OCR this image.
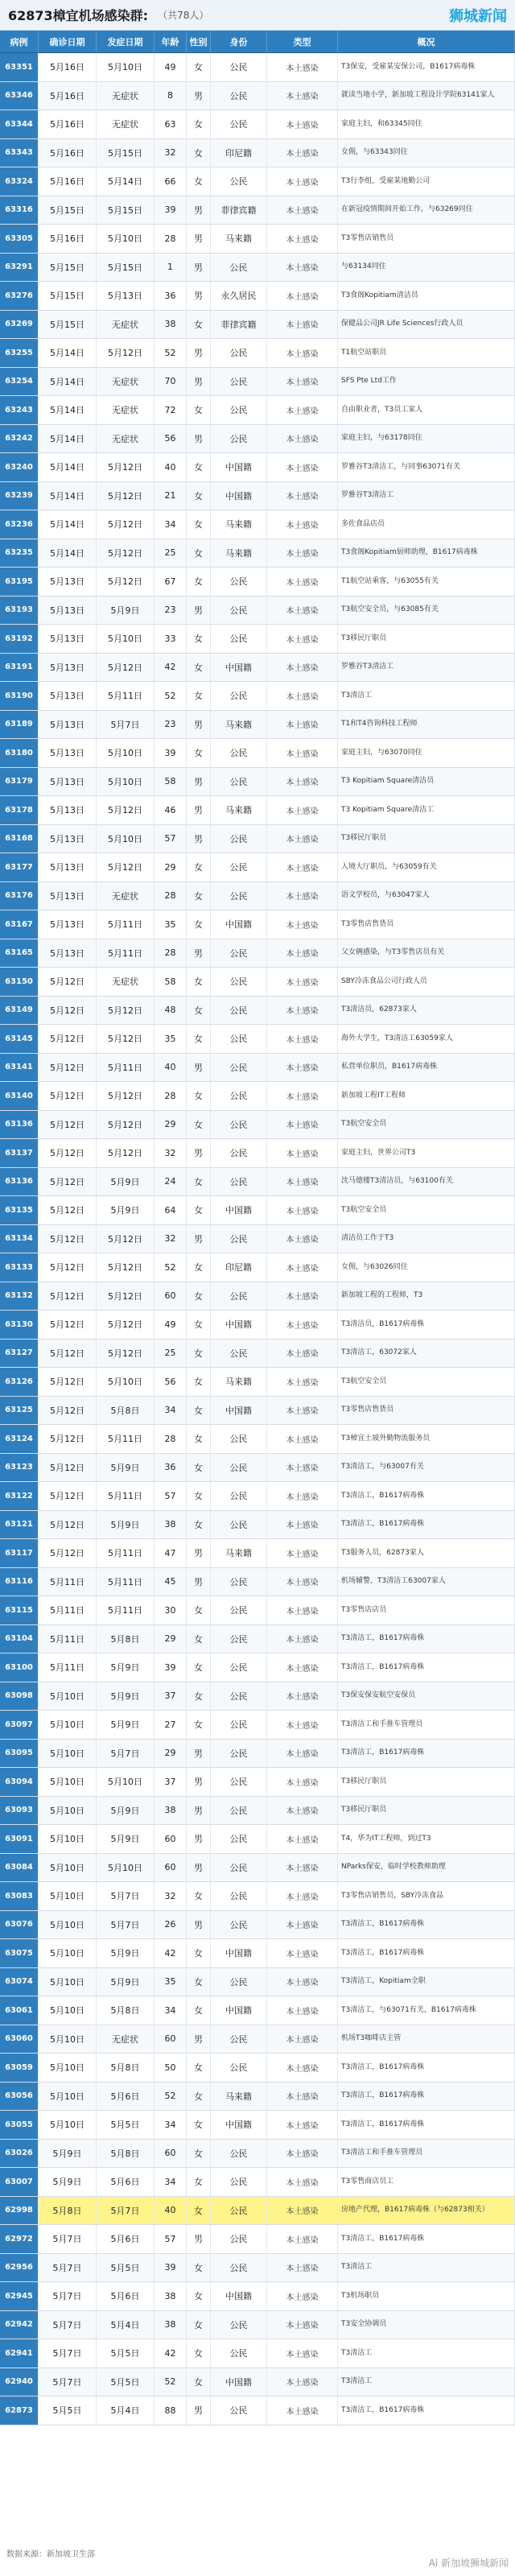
62873樟宜机场感染群: （共78人）	狮城新闻
病例	确诊日期	发症日期	年龄	性别	身份	类型	概况
63351	5月16日	5月10日	49	女	公民	本土感染	T3保安，受雇某安保公司，B1617病毒株
63346	5月16日	无症状	8	男	公民	本土感染	就读当地小学，新加坡工程设计学院63141家人
63344	5月16日	无症状	63	女	公民	本土感染	家庭主妇，和63345同住
63343	5月16日	5月15日	32	女	印尼籍	本土感染	女佣，与63343同住
63324	5月16日	5月14日	66	女	公民	本土感染	T3行李组，受雇某地勤公司
63316	5月15日	5月15日	39	男	菲律宾籍	本土感染	在新冠疫情期间开始工作，与63269同住
63305	5月16日	5月10日	28	男	马来籍	本土感染	T3零售店销售员
63291	5月15日	5月15日	1	男	公民	本土感染	与63134同住
63276	5月15日	5月13日	36	男	永久居民	本土感染	T3食阁Kopitiam清洁员
63269	5月15日	无症状	38	女	菲律宾籍	本土感染	保健品公司JR Life Sciences行政人员
63255	5月14日	5月12日	52	男	公民	本土感染	T1航空站职员
63254	5月14日	无症状	70	男	公民	本土感染	SFS Pte Ltd工作
63243	5月14日	无症状	72	女	公民	本土感染	自由职业者，T3员工家人
63242	5月14日	无症状	56	男	公民	本土感染	家庭主妇，与63178同住
63240	5月14日	5月12日	40	女	中国籍	本土感染	罗雅谷T3清洁工，与同事63071有关
63239	5月14日	5月12日	21	女	中国籍	本土感染	罗雅谷T3清洁工
63236	5月14日	5月12日	34	女	马来籍	本土感染	多佐食品店员
63235	5月14日	5月12日	25	女	马来籍	本土感染	T3食阁Kopitiam厨师助理，B1617病毒株
63195	5月13日	5月12日	67	女	公民	本土感染	T1航空站乘客，与63055有关
63193	5月13日	5月9日	23	男	公民	本土感染	T3航空安全员，与63085有关
63192	5月13日	5月10日	33	女	公民	本土感染	T3移民厅职员
63191	5月13日	5月12日	42	女	中国籍	本土感染	罗雅谷T3清洁工
63190	5月13日	5月11日	52	女	公民	本土感染	T3清洁工
63189	5月13日	5月7日	23	男	马来籍	本土感染	T1和T4咨询科技工程师
63180	5月13日	5月10日	39	女	公民	本土感染	家庭主妇，与63070同住
63179	5月13日	5月10日	58	男	公民	本土感染	T3 Kopitiam Square清洁员
63178	5月13日	5月12日	46	男	马来籍	本土感染	T3 Kopitiam Square清洁工
63168	5月13日	5月10日	57	男	公民	本土感染	T3移民厅职员
63177	5月13日	5月12日	29	女	公民	本土感染	入境大厅职员，与63059有关
63176	5月13日	无症状	28	女	公民	本土感染	语文学校员，与63047家人
63167	5月13日	5月11日	35	女	中国籍	本土感染	T3零售店售货员
63165	5月13日	5月11日	28	男	公民	本土感染	父女俩感染，与T3零售店员有关
63150	5月12日	无症状	58	女	公民	本土感染	SBY冷冻食品公司行政人员
63149	5月12日	5月12日	48	女	公民	本土感染	T3清洁员，62873家人
63145	5月12日	5月12日	35	女	公民	本土感染	海外大学生，T3清洁工63059家人
63141	5月12日	5月11日	40	男	公民	本土感染	私营单位职员，B1617病毒株
63140	5月12日	5月12日	28	女	公民	本土感染	新加坡工程IT工程师
63136	5月12日	5月12日	29	女	公民	本土感染	T3航空安全员
63137	5月12日	5月12日	32	男	公民	本土感染	家庭主妇，世界公司T3
63136	5月12日	5月9日	24	女	公民	本土感染	沈马德楼T3清洁员，与63100有关
63135	5月12日	5月9日	64	女	中国籍	本土感染	T3航空安全员
63134	5月12日	5月12日	32	男	公民	本土感染	清洁员工作于T3
63133	5月12日	5月12日	52	女	印尼籍	本土感染	女佣，与63026同住
63132	5月12日	5月12日	60	女	公民	本土感染	新加坡工程的工程师，T3
63130	5月12日	5月12日	49	女	中国籍	本土感染	T3清洁员，B1617病毒株
63127	5月12日	5月12日	25	女	公民	本土感染	T3清洁工，63072家人
63126	5月12日	5月10日	56	女	马来籍	本土感染	T3航空安全员
63125	5月12日	5月8日	34	女	中国籍	本土感染	T3零售店售货员
63124	5月12日	5月11日	28	女	公民	本土感染	T3樟宜土坡外勤物流服务员
63123	5月12日	5月9日	36	女	公民	本土感染	T3清洁工，与63007有关
63122	5月12日	5月11日	57	女	公民	本土感染	T3清洁工，B1617病毒株
63121	5月12日	5月9日	38	女	公民	本土感染	T3清洁工，B1617病毒株
63117	5月12日	5月11日	47	男	马来籍	本土感染	T3服务人员，62873家人
63116	5月11日	5月11日	45	男	公民	本土感染	机场辅警，T3清洁工63007家人
63115	5月11日	5月11日	30	女	公民	本土感染	T3零售店店员
63104	5月11日	5月8日	29	女	公民	本土感染	T3清洁工，B1617病毒株
63100	5月11日	5月9日	39	女	公民	本土感染	T3清洁工，B1617病毒株
63098	5月10日	5月9日	37	女	公民	本土感染	T3保安保安航空安保员
63097	5月10日	5月9日	27	女	公民	本土感染	T3清洁工和手推车管理员
63095	5月10日	5月7日	29	男	公民	本土感染	T3清洁工，B1617病毒株
63094	5月10日	5月10日	37	男	公民	本土感染	T3移民厅职员
63093	5月10日	5月9日	38	男	公民	本土感染	T3移民厅职员
63091	5月10日	5月9日	60	男	公民	本土感染	T4，华为IT工程师，到过T3
63084	5月10日	5月10日	60	男	公民	本土感染	NParks保安，临时学校教师助理
63083	5月10日	5月7日	32	女	公民	本土感染	T3零售店销售员，SBY冷冻食品
63076	5月10日	5月7日	26	男	公民	本土感染	T3清洁工，B1617病毒株
63075	5月10日	5月9日	42	女	中国籍	本土感染	T3清洁工，B1617病毒株
63074	5月10日	5月9日	35	女	公民	本土感染	T3清洁工，Kopitiam全职
63061	5月10日	5月8日	34	女	中国籍	本土感染	T3清洁工，与63071有关，B1617病毒株
63060	5月10日	无症状	60	男	公民	本土感染	机场T3咖啡店主管
63059	5月10日	5月8日	50	女	公民	本土感染	T3清洁工，B1617病毒株
63056	5月10日	5月6日	52	女	马来籍	本土感染	T3清洁工，B1617病毒株
63055	5月10日	5月5日	34	女	中国籍	本土感染	T3清洁工，B1617病毒株
63026	5月9日	5月8日	60	女	公民	本土感染	T3清洁工和手推车管理员
63007	5月9日	5月6日	34	女	公民	本土感染	T3零售商店员工
62998	5月8日	5月7日	40	女	公民	本土感染	房地产代理，B1617病毒株（与62873相关）
62972	5月7日	5月6日	57	男	公民	本土感染	T3清洁工，B1617病毒株
62956	5月7日	5月5日	39	女	公民	本土感染	T3清洁工
62945	5月7日	5月6日	38	女	中国籍	本土感染	T3机场职员
62942	5月7日	5月4日	38	女	公民	本土感染	T3安全协调员
62941	5月7日	5月5日	42	女	公民	本土感染	T3清洁工
62940	5月7日	5月5日	52	女	中国籍	本土感染	T3清洁工
62873	5月5日	5月4日	88	男	公民	本土感染	T3清洁工，B1617病毒株
数据来源：新加坡卫生部
Ai 新加坡狮城新闻
